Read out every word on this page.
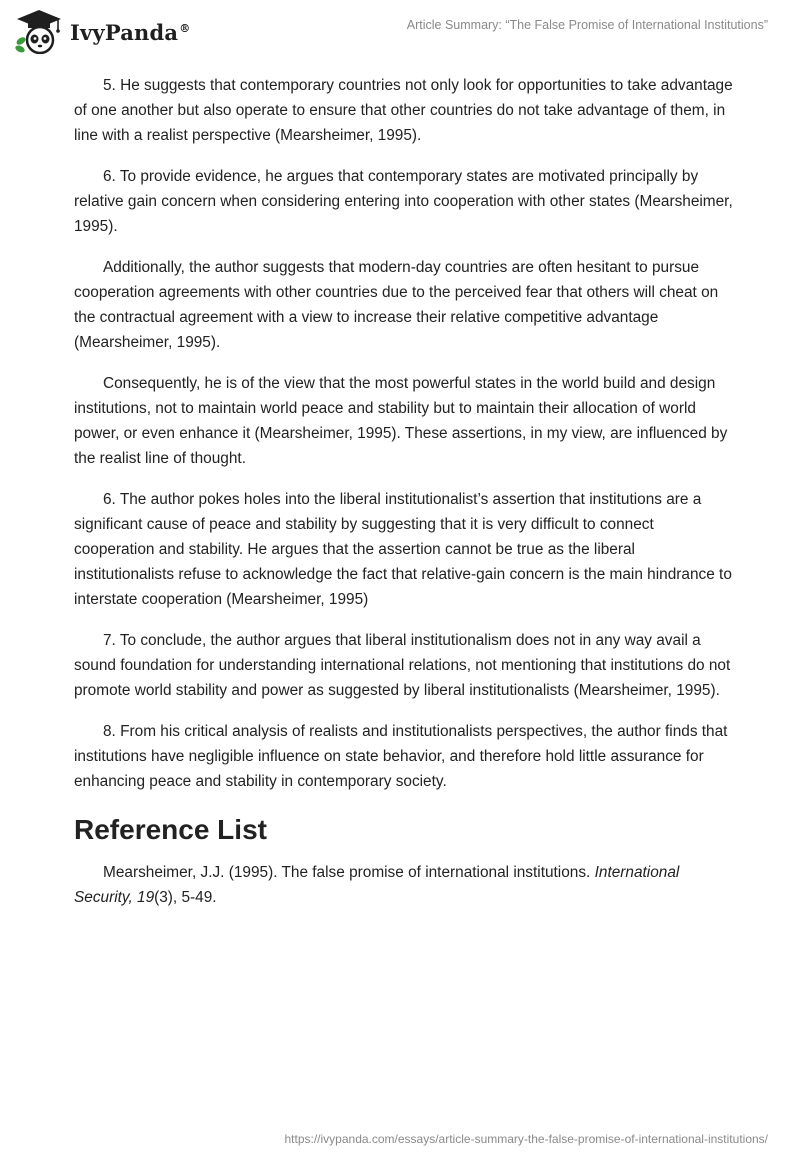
IvyPanda®	Article Summary: “The False Promise of International Institutions”

5. He suggests that contemporary countries not only look for opportunities to take advantage of one another but also operate to ensure that other countries do not take advantage of them, in line with a realist perspective (Mearsheimer, 1995).

6. To provide evidence, he argues that contemporary states are motivated principally by relative gain concern when considering entering into cooperation with other states (Mearsheimer, 1995).

Additionally, the author suggests that modern-day countries are often hesitant to pursue cooperation agreements with other countries due to the perceived fear that others will cheat on the contractual agreement with a view to increase their relative competitive advantage (Mearsheimer, 1995).

Consequently, he is of the view that the most powerful states in the world build and design institutions, not to maintain world peace and stability but to maintain their allocation of world power, or even enhance it (Mearsheimer, 1995). These assertions, in my view, are influenced by the realist line of thought.

6. The author pokes holes into the liberal institutionalist’s assertion that institutions are a significant cause of peace and stability by suggesting that it is very difficult to connect cooperation and stability. He argues that the assertion cannot be true as the liberal institutionalists refuse to acknowledge the fact that relative-gain concern is the main hindrance to interstate cooperation (Mearsheimer, 1995)

7. To conclude, the author argues that liberal institutionalism does not in any way avail a sound foundation for understanding international relations, not mentioning that institutions do not promote world stability and power as suggested by liberal institutionalists (Mearsheimer, 1995).

8. From his critical analysis of realists and institutionalists perspectives, the author finds that institutions have negligible influence on state behavior, and therefore hold little assurance for enhancing peace and stability in contemporary society.

Reference List

Mearsheimer, J.J. (1995). The false promise of international institutions. International Security, 19(3), 5-49.

https://ivypanda.com/essays/article-summary-the-false-promise-of-international-institutions/
